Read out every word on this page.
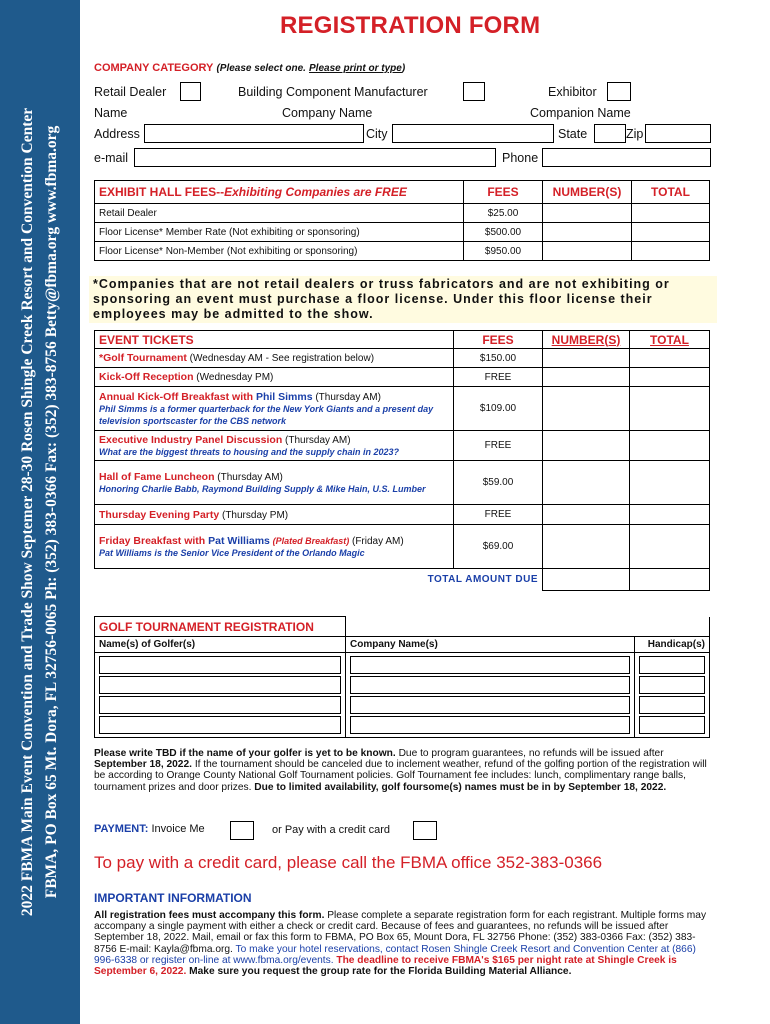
2022 FBMA Main Event Convention and Trade Show Septemer 28-30 Rosen Shingle Creek Resort and Convention Center FBMA, PO Box 65 Mt. Dora, FL 32756-0065 Ph: (352) 383-0366 Fax: (352) 383-8756 Betty@fbma.org www.fbma.org
REGISTRATION FORM
COMPANY CATEGORY (Please select one. Please print or type)
Retail Dealer	Building Component Manufacturer	Exhibitor
Name	Company Name	Companion Name
Address	City	State	Zip
e-mail	Phone
EXHIBIT HALL FEES--Exhibiting Companies are FREE	FEES	NUMBER(S)	TOTAL
Retail Dealer	$25.00		
Floor License* Member Rate (Not exhibiting or sponsoring)	$500.00		
Floor License* Non-Member (Not exhibiting or sponsoring)	$950.00		
*Companies that are not retail dealers or truss fabricators and are not exhibiting or sponsoring an event must purchase a floor license. Under this floor license their employees may be admitted to the show.
EVENT TICKETS	FEES	NUMBER(S)	TOTAL
*Golf Tournament (Wednesday AM - See registration below)	$150.00		
Kick-Off Reception (Wednesday PM)	FREE		
Annual Kick-Off Breakfast with Phil Simms (Thursday AM)
Phil Simms is a former quarterback for the New York Giants and a present day television sportscaster for the CBS network	$109.00		
Executive Industry Panel Discussion (Thursday AM)
What are the biggest threats to housing and the supply chain in 2023?	FREE		
Hall of Fame Luncheon (Thursday AM)
Honoring Charlie Babb, Raymond Building Supply & Mike Hain, U.S. Lumber	$59.00		
Thursday Evening Party (Thursday PM)	FREE		
Friday Breakfast with Pat Williams (Plated Breakfast) (Friday AM)
Pat Williams is the Senior Vice President of the Orlando Magic	$69.00		
TOTAL AMOUNT DUE			
GOLF TOURNAMENT REGISTRATION		
Name(s) of Golfer(s)	Company Name(s)	Handicap(s)

Please write TBD if the name of your golfer is yet to be known. Due to program guarantees, no refunds will be issued after September 18, 2022. If the tournament should be canceled due to inclement weather, refund of the golfing portion of the registration will be according to Orange County National Golf Tournament policies. Golf Tournament fee includes: lunch, complimentary range balls, tournament prizes and door prizes. Due to limited availability, golf foursome(s) names must be in by September 18, 2022.
PAYMENT: Invoice Me	or Pay with a credit card
To pay with a credit card, please call the FBMA office 352-383-0366
IMPORTANT INFORMATION
All registration fees must accompany this form. Please complete a separate registration form for each registrant. Multiple forms may accompany a single payment with either a check or credit card. Because of fees and guarantees, no refunds will be issued after September 18, 2022. Mail, email or fax this form to FBMA, PO Box 65, Mount Dora, FL 32756 Phone: (352) 383-0366 Fax: (352) 383-8756 E-mail: Kayla@fbma.org. To make your hotel reservations, contact Rosen Shingle Creek Resort and Convention Center at (866) 996-6338 or register on-line at www.fbma.org/events. The deadline to receive FBMA's $165 per night rate at Shingle Creek is September 6, 2022. Make sure you request the group rate for the Florida Building Material Alliance.
